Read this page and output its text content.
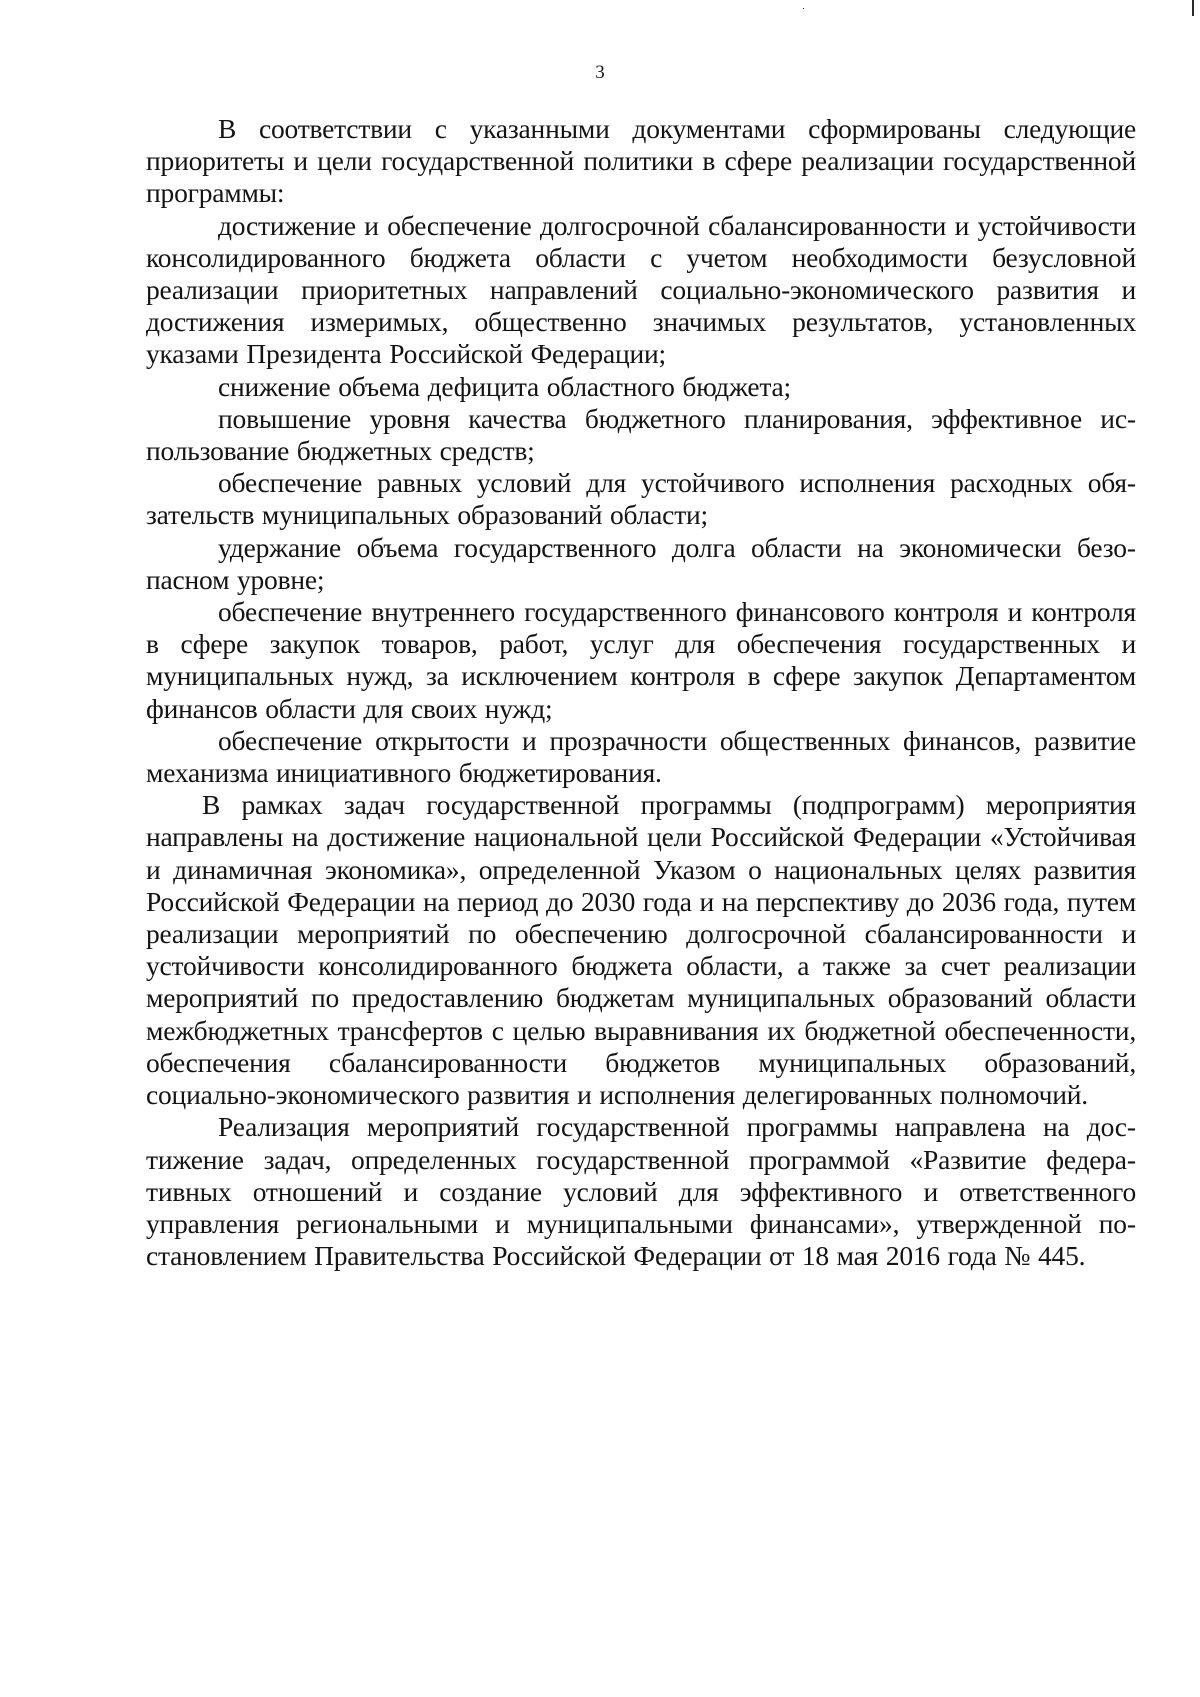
3

В соответствии с указанными документами сформированы следующие приоритеты и цели государственной политики в сфере реализации государственной программы:

достижение и обеспечение долгосрочной сбалансированности и устойчивости консолидированного бюджета области с учетом необходимости безусловной реализации приоритетных направлений социально-экономического развития и достижения измеримых, общественно значимых результатов, установленных указами Президента Российской Федерации;

снижение объема дефицита областного бюджета;

повышение уровня качества бюджетного планирования, эффективное использование бюджетных средств;

обеспечение равных условий для устойчивого исполнения расходных обязательств муниципальных образований области;

удержание объема государственного долга области на экономически безопасном уровне;

обеспечение внутреннего государственного финансового контроля и контроля в сфере закупок товаров, работ, услуг для обеспечения государственных и муниципальных нужд, за исключением контроля в сфере закупок Департаментом финансов области для своих нужд;

обеспечение открытости и прозрачности общественных финансов, развитие механизма инициативного бюджетирования.

В рамках задач государственной программы (подпрограмм) мероприятия направлены на достижение национальной цели Российской Федерации «Устойчивая и динамичная экономика», определенной Указом о национальных целях развития Российской Федерации на период до 2030 года и на перспективу до 2036 года, путем реализации мероприятий по обеспечению долгосрочной сбалансированности и устойчивости консолидированного бюджета области, а также за счет реализации мероприятий по предоставлению бюджетам муниципальных образований области межбюджетных трансфертов с целью выравнивания их бюджетной обеспеченности, обеспечения сбалансированности бюджетов муниципальных образований, социально-экономического развития и исполнения делегированных полномочий.

Реализация мероприятий государственной программы направлена на достижение задач, определенных государственной программой «Развитие федеративных отношений и создание условий для эффективного и ответственного управления региональными и муниципальными финансами», утвержденной постановлением Правительства Российской Федерации от 18 мая 2016 года № 445.
